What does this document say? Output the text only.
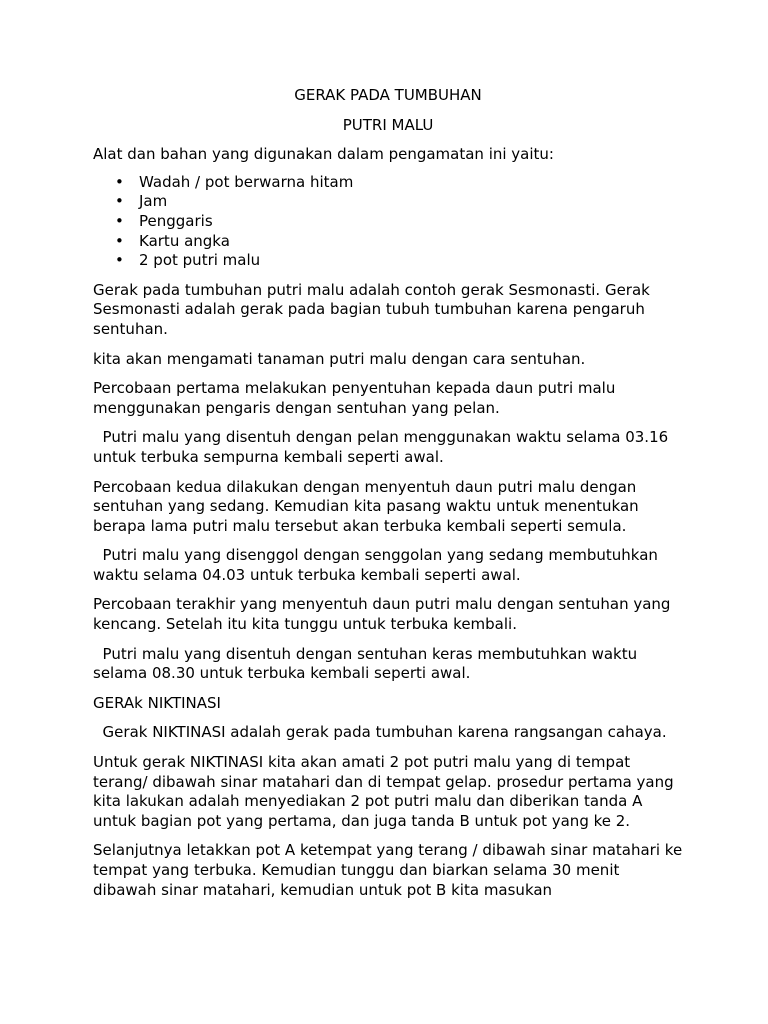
GERAK PADA TUMBUHAN
PUTRI MALU

Alat dan bahan yang digunakan dalam pengamatan ini yaitu:

• Wadah / pot berwarna hitam
• Jam
• Penggaris
• Kartu angka
• 2 pot putri malu

Gerak pada tumbuhan putri malu adalah contoh gerak Sesmonasti. Gerak Sesmonasti adalah gerak pada bagian tubuh tumbuhan karena pengaruh sentuhan.

kita akan mengamati tanaman putri malu dengan cara sentuhan.

Percobaan pertama melakukan penyentuhan kepada daun putri malu menggunakan pengaris dengan sentuhan yang pelan.

Putri malu yang disentuh dengan pelan menggunakan waktu selama 03.16 untuk terbuka sempurna kembali seperti awal.

Percobaan kedua dilakukan dengan menyentuh daun putri malu dengan sentuhan yang sedang. Kemudian kita pasang waktu untuk menentukan berapa lama putri malu tersebut akan terbuka kembali seperti semula.

Putri malu yang disenggol dengan senggolan yang sedang membutuhkan waktu selama 04.03 untuk terbuka kembali seperti awal.

Percobaan terakhir yang menyentuh daun putri malu dengan sentuhan yang kencang. Setelah itu kita tunggu untuk terbuka kembali.

Putri malu yang disentuh dengan sentuhan keras membutuhkan waktu selama 08.30 untuk terbuka kembali seperti awal.

GERAk NIKTINASI

Gerak NIKTINASI adalah gerak pada tumbuhan karena rangsangan cahaya.

Untuk gerak NIKTINASI kita akan amati 2 pot putri malu yang di tempat terang/ dibawah sinar matahari dan di tempat gelap. prosedur pertama yang kita lakukan adalah menyediakan 2 pot putri malu dan diberikan tanda A untuk bagian pot yang pertama, dan juga tanda B untuk pot yang ke 2.

Selanjutnya letakkan pot A ketempat yang terang / dibawah sinar matahari ke tempat yang terbuka. Kemudian tunggu dan biarkan selama 30 menit dibawah sinar matahari, kemudian untuk pot B kita masukan
